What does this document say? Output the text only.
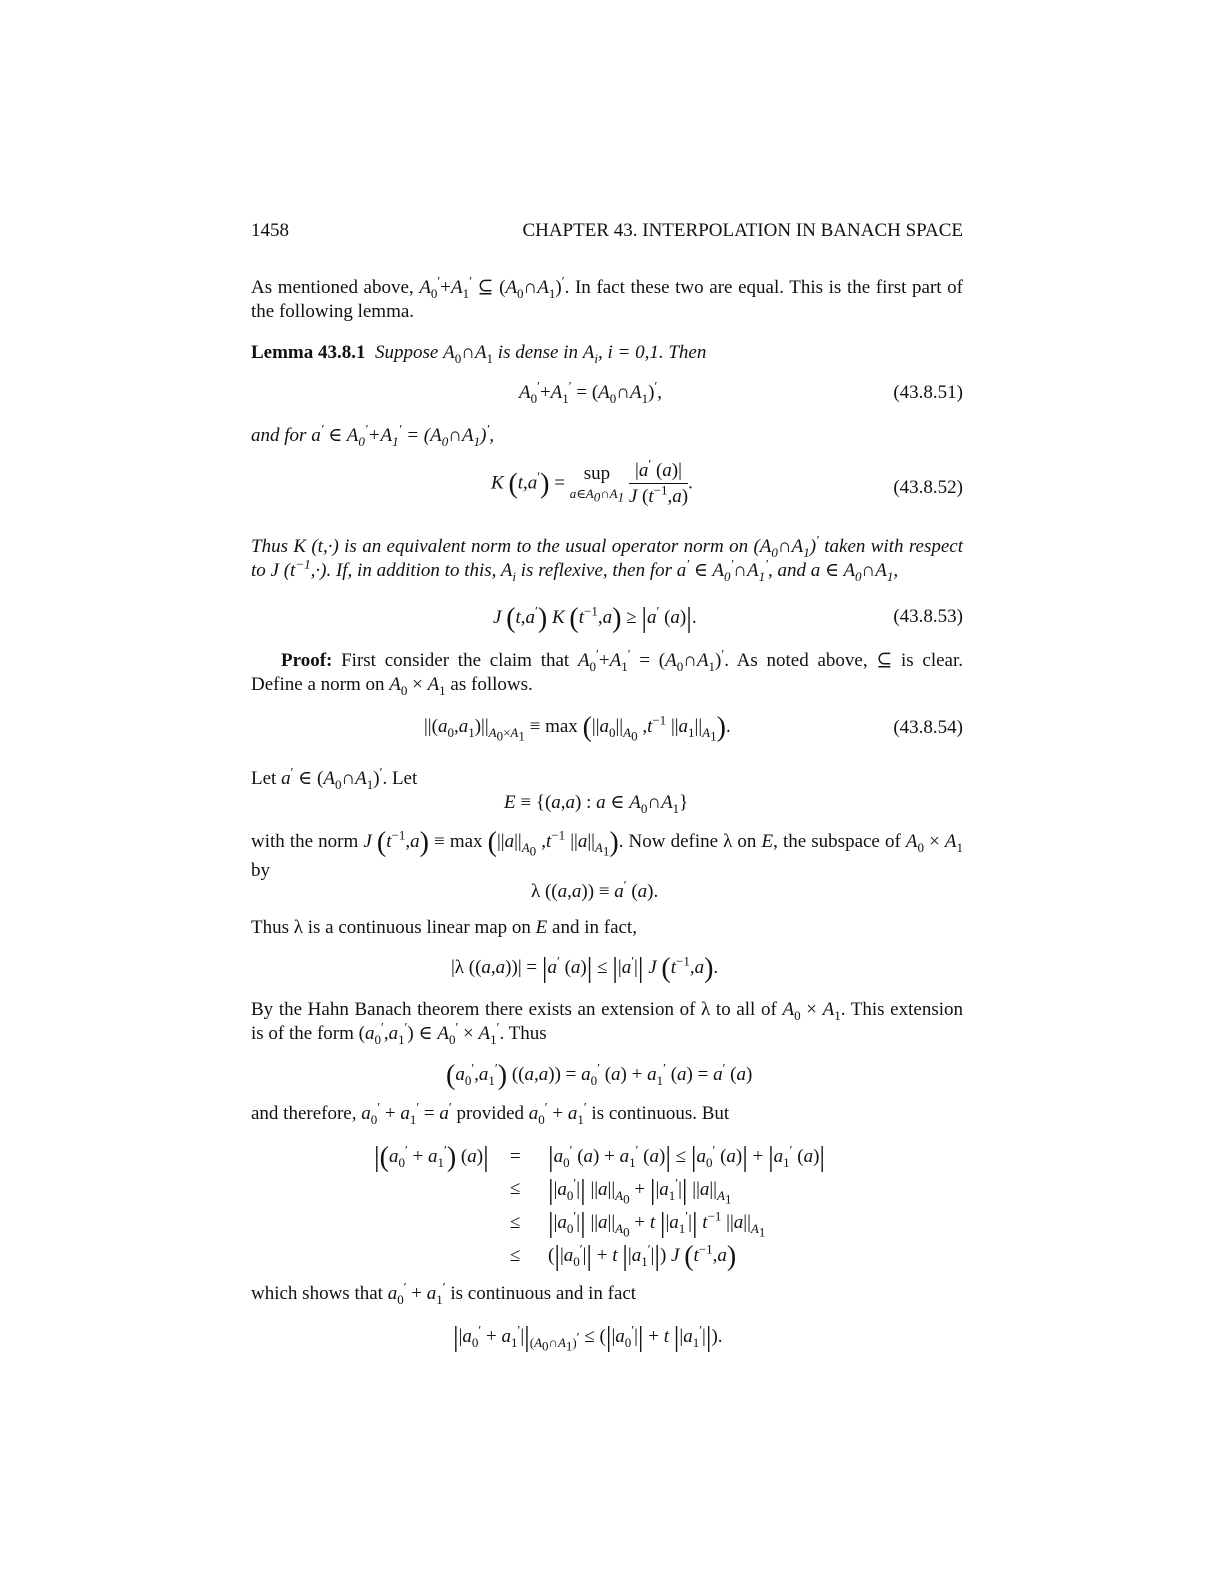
1458	CHAPTER 43. INTERPOLATION IN BANACH SPACE
As mentioned above, $A_0'+A_1'$ ⊆ $(A_0\cap A_1)'$. In fact these two are equal. This is the first part of the following lemma.
Lemma 43.8.1 Suppose $A_0\cap A_1$ is dense in $A_i$, i = 0,1. Then
$A_0'+A_1'$ = $(A_0\cap A_1)'$,	(43.8.51)
and for a′ ∈ $A_0'+A_1'$ = $(A_0\cap A_1)'$,
K (t,a′) = sup
$a\in A_0\cap A_1$
$\frac{|a' (a)|}{J (t^{-1},a)}$ .	(43.8.52)
Thus K (t,·) is an equivalent norm to the usual operator norm on $(A_0\cap A_1)'$ taken with respect to J $(t^{-1},\cdot)$. If, in addition to this, $A_i$ is reflexive, then for a′ ∈ $A_0'\cap A_1'$, and a ∈ $A_0\cap A_1$,
J (t,a′) K $(t^{-1},a) \ge |a'$ (a)|.	(43.8.53)
Proof: First consider the claim that $A_0'+A_1'$ = $(A_0\cap A_1)'$. As noted above, ⊆ is clear. Define a norm on $A_0 \times A_1$ as follows.
$||(a_0,a_1)||_{A_0\times A_1} \equiv \max (||a_0||_{A_0}$ $,t^{-1}$ $||a_1||_{A_1}$).	(43.8.54)
Let a′ ∈ $(A_0\cap A_1)'$. Let
E ≡ {(a,a) : a ∈ $A_0\cap A_1$}
with the norm J $(t^{-1},a) \equiv \max (||a||_{A_0}$ $,t^{-1}$ $||a||_{A_1}$). Now define λ on E, the subspace of $A_0 \times A_1$ by
λ ((a,a)) ≡ a′ (a).
Thus λ is a continuous linear map on E and in fact,
|λ ((a,a))| = |a′ (a)| ≤ ||a′|| J $(t^{-1},a)$.
By the Hahn Banach theorem there exists an extension of λ to all of $A_0 \times A_1$. This extension is of the form $(a_0',a_1')$ ∈ $A_0' \times A_1'$. Thus
$(a_0',a_1') ((a,a)) = a_0'$ $(a) + a_1'$ (a) = a′ (a)
and therefore, $a_0' + a_1' = a'$ provided $a_0' + a_1'$ is continuous. But
$|(a_0' + a_1') (a)| = |a_0'$ $(a) + a_1'$ $(a)| \le |a_0'$ $(a)| + |a_1'$ (a)|
≤ $||a_0'||$ $||a||_{A_0} + ||a_1'||$ $||a||_{A_1}$
≤ $||a_0'||$ $||a||_{A_0} + t$ $||a_1'||$ $t^{-1}$ $||a||_{A_1}$
≤ ($||a_0'|| + t$ $||a_1'||$) J $(t^{-1},a)$
which shows that $a_0' + a_1'$ is continuous and in fact
$||a_0' + a_1'||_{(A_0\cap A_1)'} \le (||a_0'|| + t$ $||a_1'||$).
